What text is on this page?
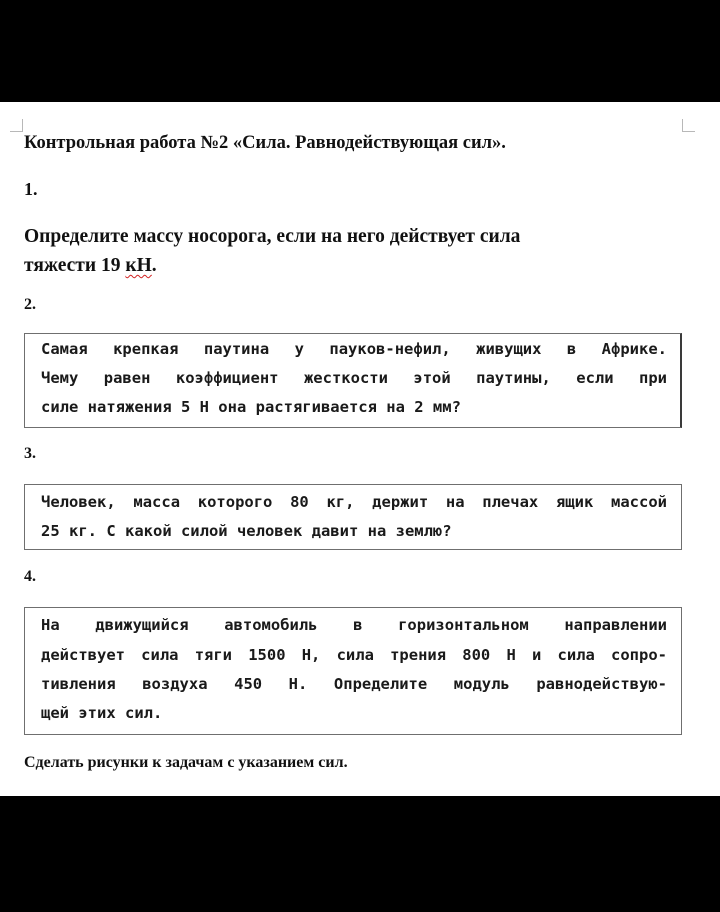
Контрольная работа №2 «Сила. Равнодействующая сил».
1.
Определите массу носорога, если на него действует сила
тяжести 19 кН.
2.
Самая крепкая паутина у пауков-нефил, живущих в Африке.
Чему равен коэффициент жесткости этой паутины, если при
силе натяжения 5 Н она растягивается на 2 мм?
3.
Человек, масса которого 80 кг, держит на плечах ящик массой
25 кг. С какой силой человек давит на землю?
4.
На движущийся автомобиль в горизонтальном направлении
действует сила тяги 1500 Н, сила трения 800 Н и сила сопро-
тивления воздуха 450 Н. Определите модуль равнодействую-
щей этих сил.
Сделать рисунки к задачам с указанием сил.
